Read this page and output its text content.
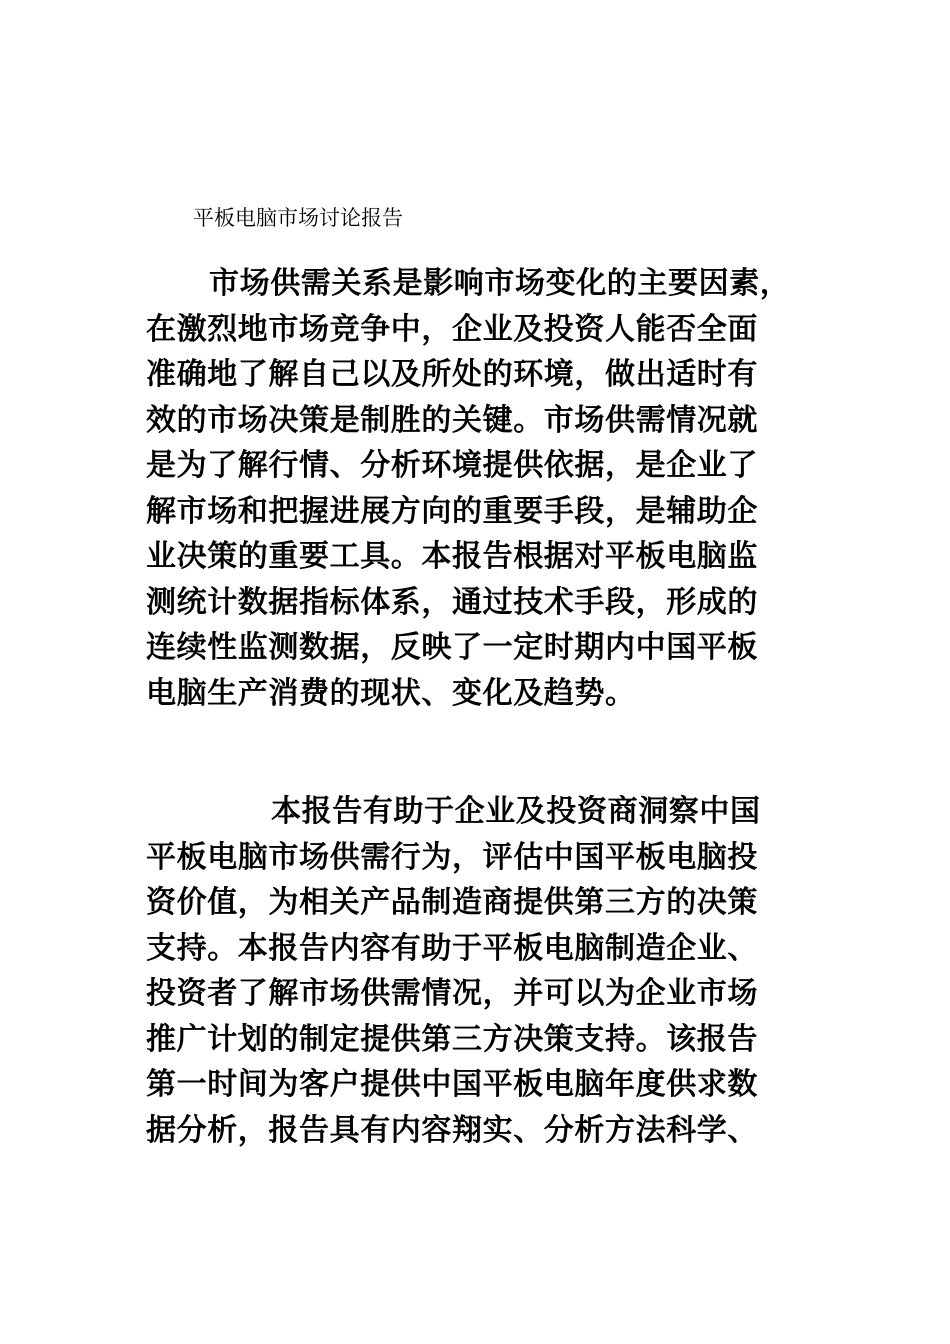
平板电脑市场讨论报告
市场供需关系是影响市场变化的主要因素，
在激烈地市场竞争中，企业及投资人能否全面
准确地了解自己以及所处的环境，做出适时有
效的市场决策是制胜的关键。市场供需情况就
是为了解行情、分析环境提供依据，是企业了
解市场和把握进展方向的重要手段，是辅助企
业决策的重要工具。本报告根据对平板电脑监
测统计数据指标体系，通过技术手段，形成的
连续性监测数据，反映了一定时期内中国平板
电脑生产消费的现状、变化及趋势。
本报告有助于企业及投资商洞察中国
平板电脑市场供需行为，评估中国平板电脑投
资价值，为相关产品制造商提供第三方的决策
支持。本报告内容有助于平板电脑制造企业、
投资者了解市场供需情况，并可以为企业市场
推广计划的制定提供第三方决策支持。该报告
第一时间为客户提供中国平板电脑年度供求数
据分析，报告具有内容翔实、分析方法科学、
